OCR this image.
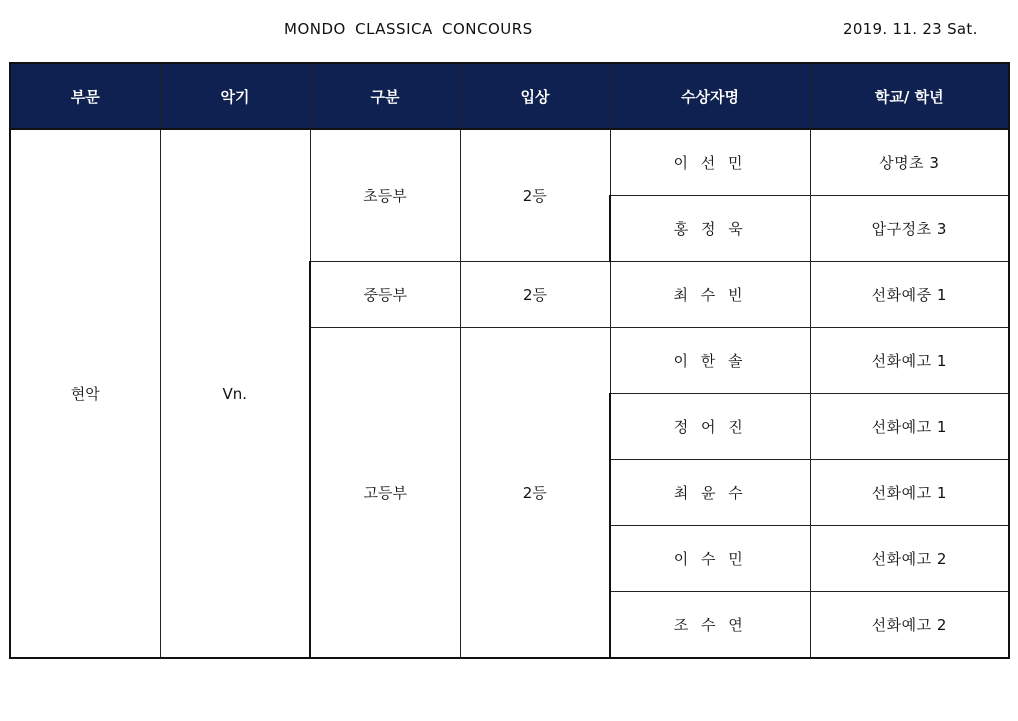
MONDO CLASSICA CONCOURS	2019. 11. 23 Sat.
부문	악기	구분	입상	수상자명	학교/ 학년
현악	Vn.	초등부	2등	이 선 민	상명초 3
				홍 정 욱	압구정초 3
		중등부	2등	최 수 빈	선화예중 1
		고등부	2등	이 한 솔	선화예고 1
				정 어 진	선화예고 1
				최 윤 수	선화예고 1
				이 수 민	선화예고 2
				조 수 연	선화예고 2
